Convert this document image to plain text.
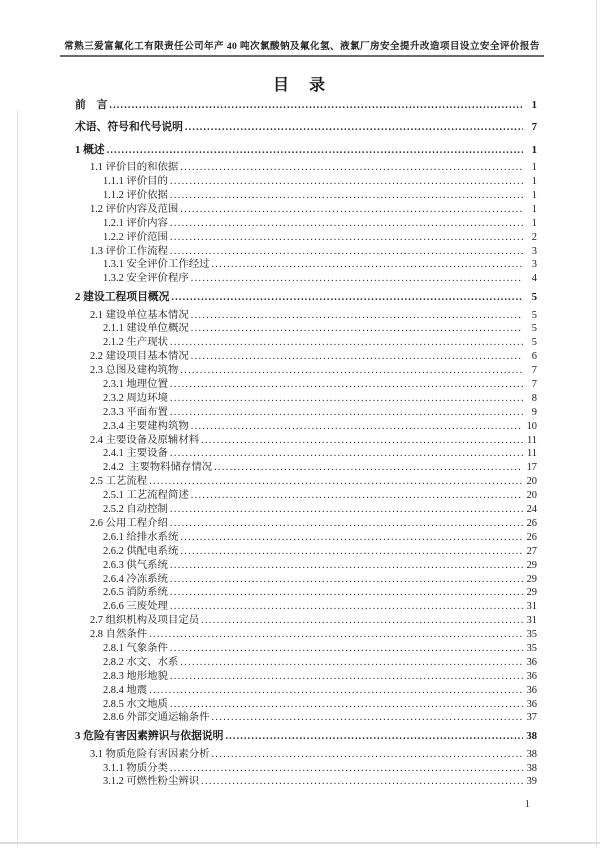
常熟三爱富氟化工有限责任公司年产 40 吨次氯酸钠及氟化氢、液氯厂房安全提升改造项目设立安全评价报告
目　录
前　言 .....	1
术语、符号和代号说明 .....	7
1 概述 .....	1
1.1 评价目的和依据 .....	1
1.1.1 评价目的 .....	1
1.1.2 评价依据 .....	1
1.2 评价内容及范围 .....	1
1.2.1 评价内容 .....	1
1.2.2 评价范围 .....	2
1.3 评价工作流程 .....	3
1.3.1 安全评价工作经过 .....	3
1.3.2 安全评价程序 .....	4
2 建设工程项目概况 .....	5
2.1 建设单位基本情况 .....	5
2.1.1 建设单位概况 .....	5
2.1.2 生产现状 .....	5
2.2 建设项目基本情况 .....	6
2.3 总图及建构筑物 .....	7
2.3.1 地理位置 .....	7
2.3.2 周边环境 .....	8
2.3.3 平面布置 .....	9
2.3.4 主要建构筑物 .....	10
2.4 主要设备及原辅材料 .....	11
2.4.1 主要设备 .....	11
2.4.2  主要物料储存情况 .....	17
2.5 工艺流程 .....	20
2.5.1 工艺流程简述 .....	20
2.5.2 自动控制 .....	24
2.6 公用工程介绍 .....	26
2.6.1 给排水系统 .....	26
2.6.2 供配电系统 .....	27
2.6.3 供气系统 .....	29
2.6.4 冷冻系统 .....	29
2.6.5 消防系统 .....	29
2.6.6 三废处理 .....	31
2.7 组织机构及项目定员 .....	31
2.8 自然条件 .....	35
2.8.1 气象条件 .....	35
2.8.2 水文、水系 .....	36
2.8.3 地形地貌 .....	36
2.8.4 地震 .....	36
2.8.5 水文地质 .....	36
2.8.6 外部交通运输条件 .....	37
3 危险有害因素辨识与依据说明 .....	38
3.1 物质危险有害因素分析 .....	38
3.1.1 物质分类 .....	38
3.1.2 可燃性粉尘辨识 .....	39
1
